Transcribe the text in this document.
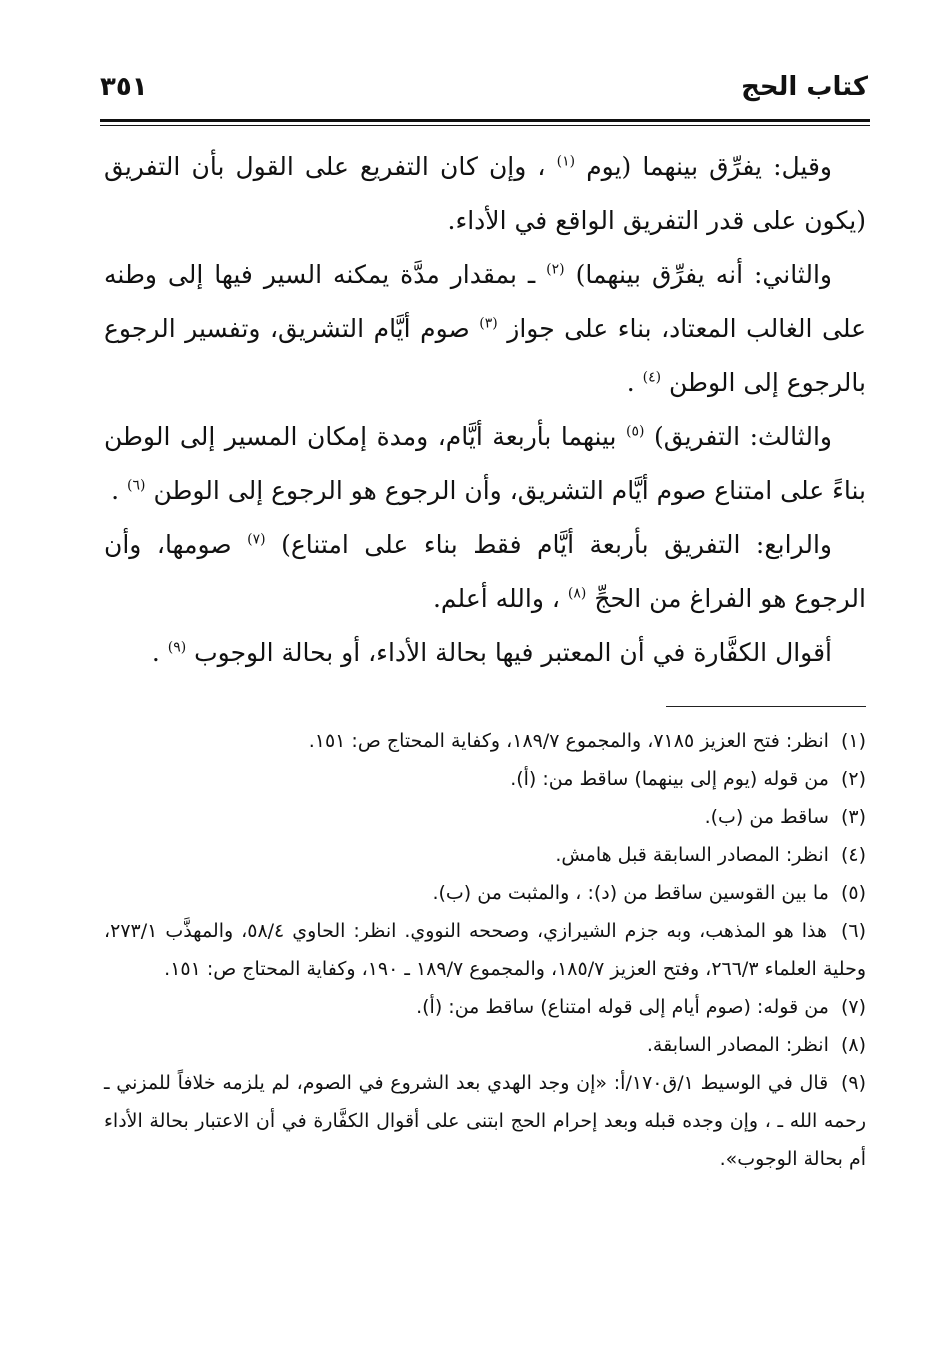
كتاب الحج
٣٥١

وقيل: يفرِّق بينهما (يوم $^{(١)}$ ، وإن كان التفريع على القول بأن التفريق (يكون على قدر التفريق الواقع في الأداء.

والثاني: أنه يفرِّق بينهما) $^{(٢)}$ ـ بمقدار مدَّة يمكنه السير فيها إلى وطنه على الغالب المعتاد، بناء على جواز $^{(٣)}$ صوم أيَّام التشريق، وتفسير الرجوع بالرجوع إلى الوطن $^{(٤)}$ .

والثالث: التفريق) $^{(٥)}$ بينهما بأربعة أيَّام، ومدة إمكان المسير إلى الوطن بناءً على امتناع صوم أيَّام التشريق، وأن الرجوع هو الرجوع إلى الوطن $^{(٦)}$ .

والرابع: التفريق بأربعة أيَّام فقط بناء على امتناع) $^{(٧)}$ صومها، وأن الرجوع هو الفراغ من الحجِّ $^{(٨)}$ ، والله أعلم.

أقوال الكفَّارة في أن المعتبر فيها بحالة الأداء، أو بحالة الوجوب $^{(٩)}$ .

(١) انظر: فتح العزيز ٧١٨٥، والمجموع ١٨٩/٧، وكفاية المحتاج ص: ١٥١.

(٢) من قوله (يوم إلى بينهما) ساقط من: (أ).

(٣) ساقط من (ب).

(٤) انظر: المصادر السابقة قبل هامش.

(٥) ما بين القوسين ساقط من (د): ، والمثبت من (ب).

(٦) هذا هو المذهب، وبه جزم الشيرازي، وصححه النووي. انظر: الحاوي ٥٨/٤، والمهذَّب ٢٧٣/١، وحلية العلماء ٢٦٦/٣، وفتح العزيز ١٨٥/٧، والمجموع ١٨٩/٧ ـ ١٩٠، وكفاية المحتاج ص: ١٥١.

(٧) من قوله: (صوم أيام إلى قوله امتناع) ساقط من: (أ).

(٨) انظر: المصادر السابقة.

(٩) قال في الوسيط ١/ق١٧٠/أ: «إن وجد الهدي بعد الشروع في الصوم، لم يلزمه خلافاً للمزني ـ رحمه الله ـ ، وإن وجده قبله وبعد إحرام الحج ابتنى على أقوال الكفَّارة في أن الاعتبار بحالة الأداء أم بحالة الوجوب».
